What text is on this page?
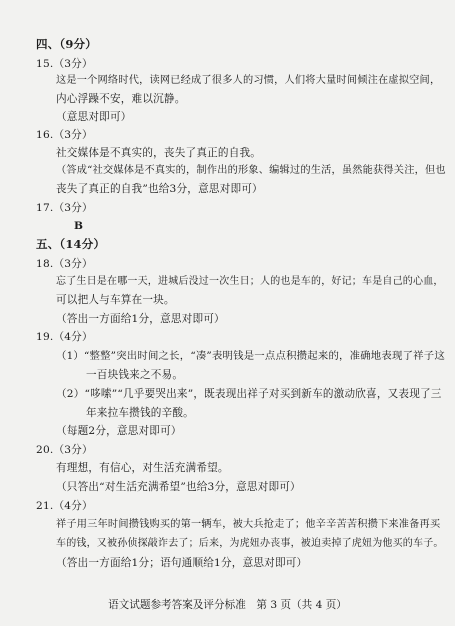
四、（9分）
15.（3分）
这是一个网络时代，读网已经成了很多人的习惯，人们将大量时间倾注在虚拟空间，
内心浮躁不安，难以沉静。
（意思对即可）
16.（3分）
社交媒体是不真实的，丧失了真正的自我。
（答成“社交媒体是不真实的，制作出的形象、编辑过的生活，虽然能获得关注，但也
丧失了真正的自我”也给3分，意思对即可）
17.（3分）
B
五、（14分）
18.（3分）
忘了生日是在哪一天，进城后没过一次生日；人的也是车的，好记；车是自己的心血，
可以把人与车算在一块。
（答出一方面给1分，意思对即可）
19.（4分）
（1）“整整”突出时间之长，“凑”表明钱是一点点积攒起来的，准确地表现了祥子这
一百块钱来之不易。
（2）“哆嗦”“几乎要哭出来”，既表现出祥子对买到新车的激动欣喜，又表现了三
年来拉车攒钱的辛酸。
（每题2分，意思对即可）
20.（3分）
有理想，有信心，对生活充满希望。
（只答出“对生活充满希望”也给3分，意思对即可）
21.（4分）
祥子用三年时间攒钱购买的第一辆车，被大兵抢走了；他辛辛苦苦积攒下来准备再买
车的钱，又被孙侦探敲诈去了；后来，为虎妞办丧事，被迫卖掉了虎妞为他买的车子。
（答出一方面给1分；语句通顺给1分，意思对即可）
语文试题参考答案及评分标准　第 3 页（共 4 页）
